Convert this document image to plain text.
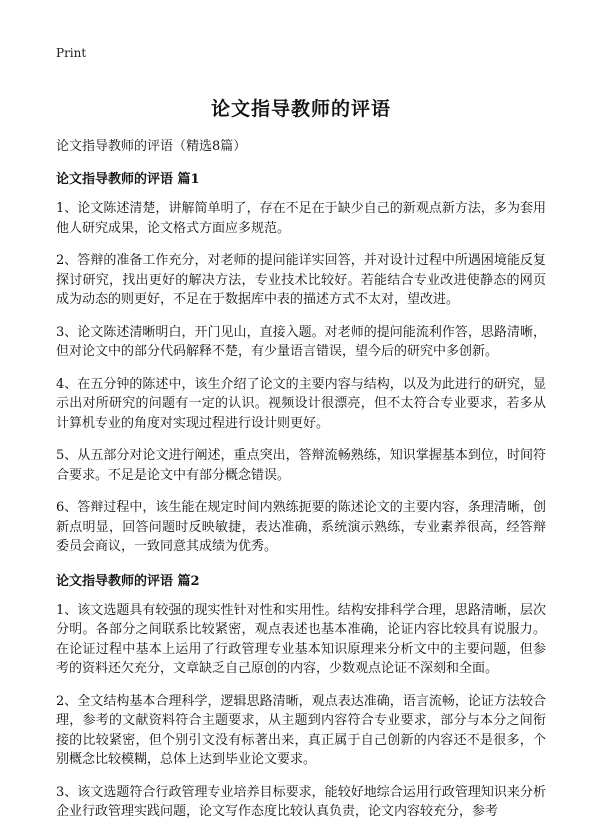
Print
论文指导教师的评语
论文指导教师的评语（精选8篇）
论文指导教师的评语 篇1

1、论文陈述清楚，讲解简单明了，存在不足在于缺少自己的新观点新方法，多为套用他人研究成果，论文格式方面应多规范。

2、答辩的准备工作充分，对老师的提问能详实回答，并对设计过程中所遇困境能反复探讨研究，找出更好的解决方法，专业技术比较好。若能结合专业改进使静态的网页成为动态的则更好，不足在于数据库中表的描述方式不太对，望改进。

3、论文陈述清晰明白，开门见山，直接入题。对老师的提问能流利作答，思路清晰，但对论文中的部分代码解释不楚，有少量语言错误，望今后的研究中多创新。

4、在五分钟的陈述中，该生介绍了论文的主要内容与结构，以及为此进行的研究，显示出对所研究的问题有一定的认识。视频设计很漂亮，但不太符合专业要求，若多从计算机专业的角度对实现过程进行设计则更好。

5、从五部分对论文进行阐述，重点突出，答辩流畅熟练，知识掌握基本到位，时间符合要求。不足是论文中有部分概念错误。

6、答辩过程中，该生能在规定时间内熟练扼要的陈述论文的主要内容，条理清晰，创新点明显，回答问题时反映敏捷，表达准确，系统演示熟练，专业素养很高，经答辩委员会商议，一致同意其成绩为优秀。

论文指导教师的评语 篇2

1、该文选题具有较强的现实性针对性和实用性。结构安排科学合理，思路清晰，层次分明。各部分之间联系比较紧密，观点表述也基本准确，论证内容比较具有说服力。在论证过程中基本上运用了行政管理专业基本知识原理来分析文中的主要问题，但参考的资料还欠充分，文章缺乏自己原创的内容，少数观点论证不深刻和全面。

2、全文结构基本合理科学，逻辑思路清晰，观点表达准确，语言流畅，论证方法较合理，参考的文献资料符合主题要求，从主题到内容符合专业要求，部分与本分之间衔接的比较紧密，但个别引文没有标著出来，真正属于自己创新的内容还不是很多，个别概念比较模糊，总体上达到毕业论文要求。

3、该文选题符合行政管理专业培养目标要求，能较好地综合运用行政管理知识来分析企业行政管理实践问题，论文写作态度比较认真负责，论文内容较充分，参考
